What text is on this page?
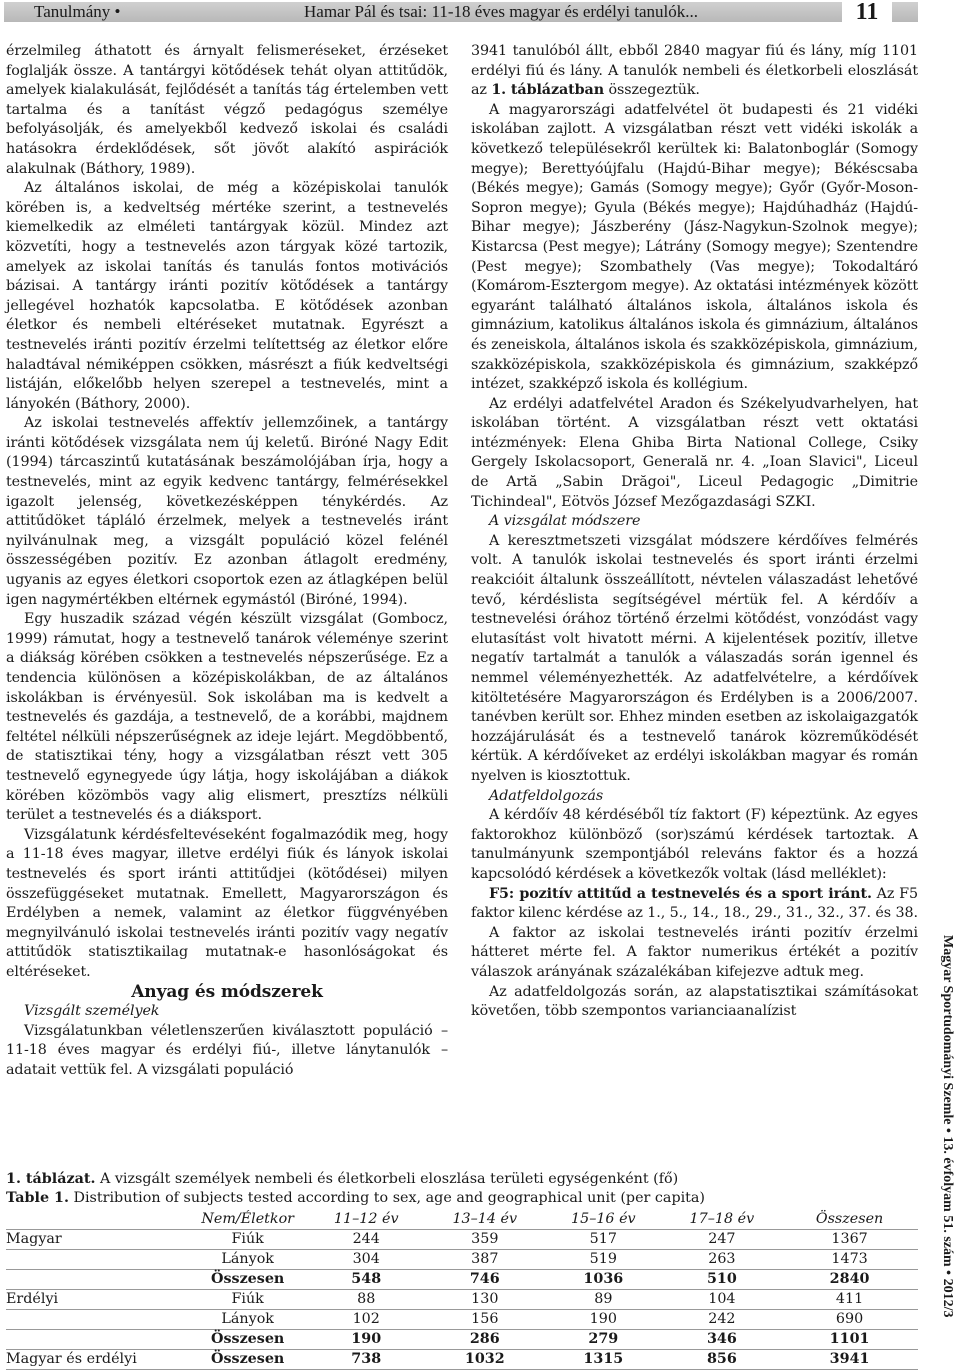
Tanulmány •	Hamar Pál és tsai: 11-18 éves magyar és erdélyi tanulók...	11

érzelmileg áthatott és árnyalt felismeréseket, érzéseket foglalják össze. A tantárgyi kötődések tehát olyan attitűdök, amelyek kialakulását, fejlődését a tanítás tág értelemben vett tartalma és a tanítást végző pedagógus személye befolyásolják, és amelyekből kedvező iskolai és családi hatásokra érdeklődések, sőt jövőt alakító aspirációk alakulnak (Báthory, 1989).

Az általános iskolai, de még a középiskolai tanulók körében is, a kedveltség mértéke szerint, a testnevelés kiemelkedik az elméleti tantárgyak közül. Mindez azt közvetíti, hogy a testnevelés azon tárgyak közé tartozik, amelyek az iskolai tanítás és tanulás fontos motivációs bázisai. A tantárgy iránti pozitív kötődések a tantárgy jellegével hozhatók kapcsolatba. E kötődések azonban életkor és nembeli eltéréseket mutatnak. Egyrészt a testnevelés iránti pozitív érzelmi telítettség az életkor előre haladtával némiképpen csökken, másrészt a fiúk kedveltségi listáján, előkelőbb helyen szerepel a testnevelés, mint a lányokén (Báthory, 2000).

Az iskolai testnevelés affektív jellemzőinek, a tantárgy iránti kötődések vizsgálata nem új keletű. Biróné Nagy Edit (1994) tárcaszintű kutatásának beszámolójában írja, hogy a testnevelés, mint az egyik kedvenc tantárgy, felmérésekkel igazolt jelenség, következésképpen ténykérdés. Az attitűdöket tápláló érzelmek, melyek a testnevelés iránt nyilvánulnak meg, a vizsgált populáció közel felénél összességében pozitív. Ez azonban átlagolt eredmény, ugyanis az egyes életkori csoportok ezen az átlagképen belül igen nagymértékben eltérnek egymástól (Biróné, 1994).

Egy huszadik század végén készült vizsgálat (Gombocz, 1999) rámutat, hogy a testnevelő tanárok véleménye szerint a diákság körében csökken a testnevelés népszerűsége. Ez a tendencia különösen a középiskolákban, de az általános iskolákban is érvényesül. Sok iskolában ma is kedvelt a testnevelés és gazdája, a testnevelő, de a korábbi, majdnem feltétel nélküli népszerűségnek az ideje lejárt. Megdöbbentő, de statisztikai tény, hogy a vizsgálatban részt vett 305 testnevelő egynegyede úgy látja, hogy iskolájában a diákok körében közömbös vagy alig elismert, presztízs nélküli terület a testnevelés és a diáksport.

Vizsgálatunk kérdésfeltevéseként fogalmazódik meg, hogy a 11-18 éves magyar, illetve erdélyi fiúk és lányok iskolai testnevelés és sport iránti attitűdjei (kötődései) milyen összefüggéseket mutatnak. Emellett, Magyarországon és Erdélyben a nemek, valamint az életkor függvényében megnyilvánuló iskolai testnevelés iránti pozitív vagy negatív attitűdök statisztikailag mutatnak-e hasonlóságokat és eltéréseket.

Anyag és módszerek

Vizsgált személyek

Vizsgálatunkban véletlenszerűen kiválasztott populáció – 11-18 éves magyar és erdélyi fiú-, illetve lánytanulók – adatait vettük fel. A vizsgálati populáció

3941 tanulóból állt, ebből 2840 magyar fiú és lány, míg 1101 erdélyi fiú és lány. A tanulók nembeli és életkorbeli eloszlását az 1. táblázatban összegeztük.

A magyarországi adatfelvétel öt budapesti és 21 vidéki iskolában zajlott. A vizsgálatban részt vett vidéki iskolák a következő településekről kerültek ki: Balatonboglár (Somogy megye); Berettyóújfalu (Hajdú-Bihar megye); Békéscsaba (Békés megye); Gamás (Somogy megye); Győr (Győr-Moson-Sopron megye); Gyula (Békés megye); Hajdúhadház (Hajdú-Bihar megye); Jászberény (Jász-Nagykun-Szolnok megye); Kistarcsa (Pest megye); Látrány (Somogy megye); Szentendre (Pest megye); Szombathely (Vas megye); Tokodaltáró (Komárom-Esztergom megye). Az oktatási intézmények között egyaránt található általános iskola, általános iskola és gimnázium, katolikus általános iskola és gimnázium, általános és zeneiskola, általános iskola és szakközépiskola, gimnázium, szakközépiskola, szakközépiskola és gimnázium, szakképző intézet, szakképző iskola és kollégium.

Az erdélyi adatfelvétel Aradon és Székelyudvarhelyen, hat iskolában történt. A vizsgálatban részt vett oktatási intézmények: Elena Ghiba Birta National College, Csiky Gergely Iskolacsoport, Generală nr. 4. „Ioan Slavici", Liceul de Artă „Sabin Drăgoi", Liceul Pedagogic „Dimitrie Tichindeal", Eötvös József Mezőgazdasági SZKI.

A vizsgálat módszere

A keresztmetszeti vizsgálat módszere kérdőíves felmérés volt. A tanulók iskolai testnevelés és sport iránti érzelmi reakcióit általunk összeállított, névtelen válaszadást lehetővé tevő, kérdéslista segítségével mértük fel. A kérdőív a testnevelési órához történő érzelmi kötődést, vonzódást vagy elutasítást volt hivatott mérni. A kijelentések pozitív, illetve negatív tartalmát a tanulók a válaszadás során igennel és nemmel véleményezhették. Az adatfelvételre, a kérdőívek kitöltetésére Magyarországon és Erdélyben is a 2006/2007. tanévben került sor. Ehhez minden esetben az iskolaigazgatók hozzájárulását és a testnevelő tanárok közreműködését kértük. A kérdőíveket az erdélyi iskolákban magyar és román nyelven is kiosztottuk.

Adatfeldolgozás

A kérdőív 48 kérdéséből tíz faktort (F) képeztünk. Az egyes faktorokhoz különböző (sor)számú kérdések tartoztak. A tanulmányunk szempontjából releváns faktor és a hozzá kapcsolódó kérdések a következők voltak (lásd melléklet):

F5: pozitív attitűd a testnevelés és a sport iránt. Az F5 faktor kilenc kérdése az 1., 5., 14., 18., 29., 31., 32., 37. és 38.

A faktor az iskolai testnevelés iránti pozitív érzelmi hátteret mérte fel. A faktor numerikus értékét a pozitív válaszok arányának százalékában kifejezve adtuk meg.

Az adatfeldolgozás során, az alapstatisztikai számításokat követően, több szempontos varianciaanalízist	Magyar Sportudományi Szemle • 13. évfolyam 51. szám • 2012/3
1. táblázat. A vizsgált személyek nembeli és életkorbeli eloszlása területi egységenként (fő)
Table 1. Distribution of subjects tested according to sex, age and geographical unit (per capita)
	Nem/Életkor	11–12 év	13–14 év	15–16 év	17–18 év	Összesen
Magyar	Fiúk	244	359	517	247	1367
	Lányok	304	387	519	263	1473
	Összesen	548	746	1036	510	2840
Erdélyi	Fiúk	88	130	89	104	411
	Lányok	102	156	190	242	690
	Összesen	190	286	279	346	1101
Magyar és erdélyi	Összesen	738	1032	1315	856	3941
